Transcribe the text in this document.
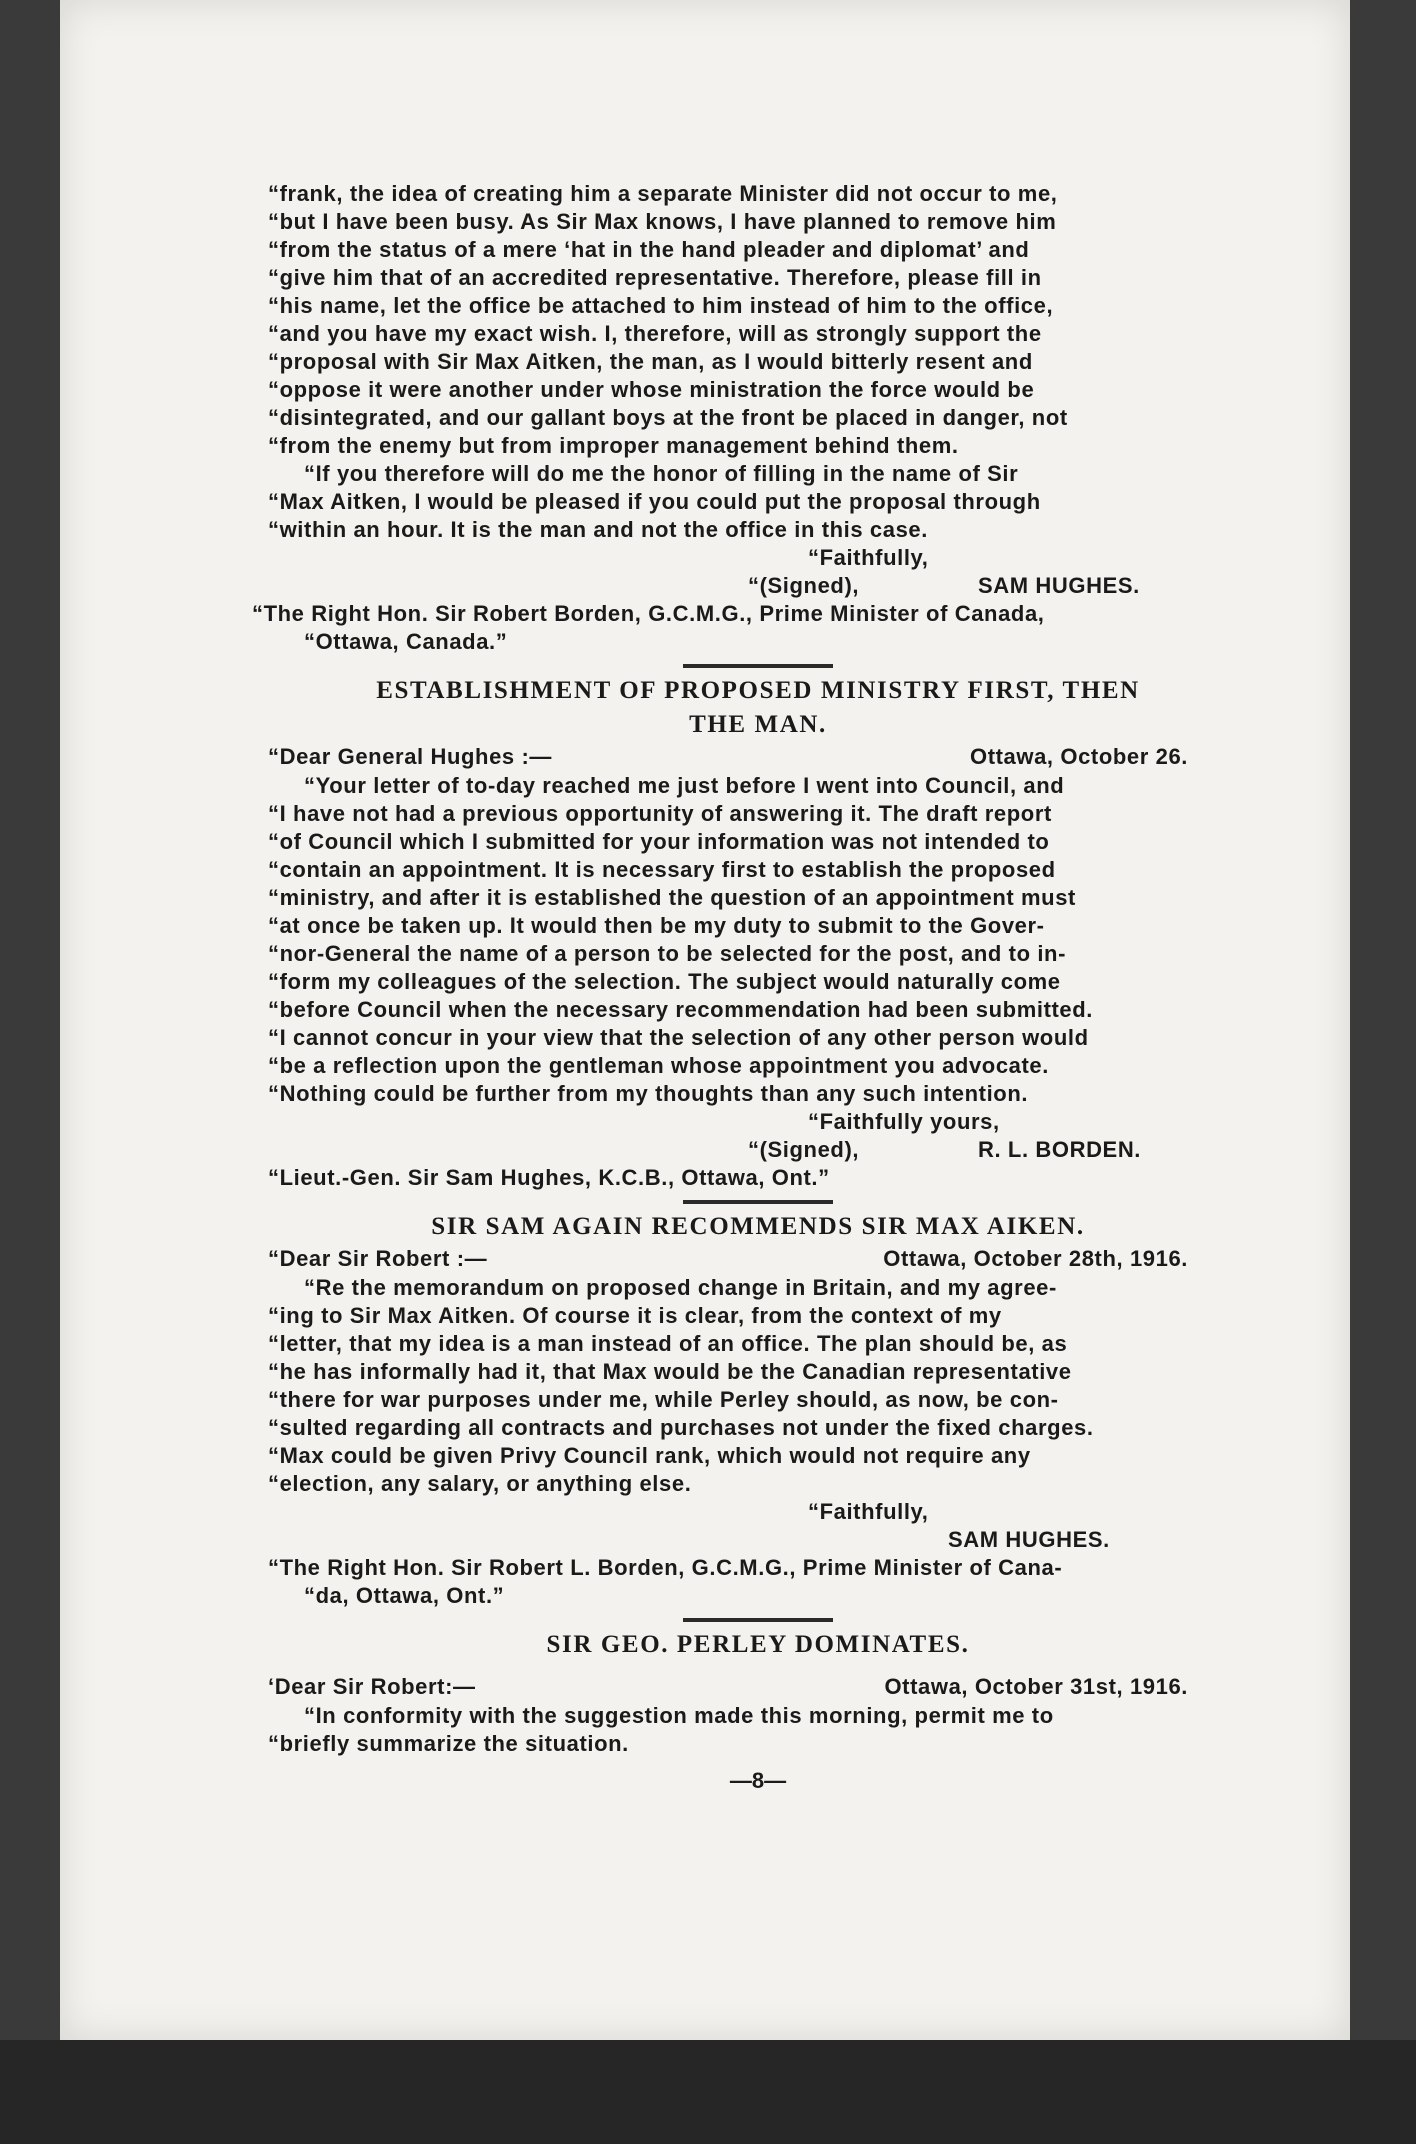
“frank, the idea of creating him a separate Minister did not occur to me,
“but I have been busy. As Sir Max knows, I have planned to remove him
“from the status of a mere ‘hat in the hand pleader and diplomat’ and
“give him that of an accredited representative. Therefore, please fill in
“his name, let the office be attached to him instead of him to the office,
“and you have my exact wish. I, therefore, will as strongly support the
“proposal with Sir Max Aitken, the man, as I would bitterly resent and
“oppose it were another under whose ministration the force would be
“disintegrated, and our gallant boys at the front be placed in danger, not
“from the enemy but from improper management behind them.
“If you therefore will do me the honor of filling in the name of Sir
“Max Aitken, I would be pleased if you could put the proposal through
“within an hour. It is the man and not the office in this case.
“Faithfully,
“(Signed),	SAM HUGHES.
“The Right Hon. Sir Robert Borden, G.C.M.G., Prime Minister of Canada,
“Ottawa, Canada.”
ESTABLISHMENT OF PROPOSED MINISTRY FIRST, THEN
THE MAN.
“Dear General Hughes :—	Ottawa, October 26.
“Your letter of to-day reached me just before I went into Council, and
“I have not had a previous opportunity of answering it. The draft report
“of Council which I submitted for your information was not intended to
“contain an appointment. It is necessary first to establish the proposed
“ministry, and after it is established the question of an appointment must
“at once be taken up. It would then be my duty to submit to the Gover-
“nor-General the name of a person to be selected for the post, and to in-
“form my colleagues of the selection. The subject would naturally come
“before Council when the necessary recommendation had been submitted.
“I cannot concur in your view that the selection of any other person would
“be a reflection upon the gentleman whose appointment you advocate.
“Nothing could be further from my thoughts than any such intention.
“Faithfully yours,
“(Signed),	R. L. BORDEN.
“Lieut.-Gen. Sir Sam Hughes, K.C.B., Ottawa, Ont.”
SIR SAM AGAIN RECOMMENDS SIR MAX AIKEN.
“Dear Sir Robert :—	Ottawa, October 28th, 1916.
“Re the memorandum on proposed change in Britain, and my agree-
“ing to Sir Max Aitken. Of course it is clear, from the context of my
“letter, that my idea is a man instead of an office. The plan should be, as
“he has informally had it, that Max would be the Canadian representative
“there for war purposes under me, while Perley should, as now, be con-
“sulted regarding all contracts and purchases not under the fixed charges.
“Max could be given Privy Council rank, which would not require any
“election, any salary, or anything else.
“Faithfully,
SAM HUGHES.
“The Right Hon. Sir Robert L. Borden, G.C.M.G., Prime Minister of Cana-
“da, Ottawa, Ont.”
SIR GEO. PERLEY DOMINATES.
‘Dear Sir Robert:—	Ottawa, October 31st, 1916.
“In conformity with the suggestion made this morning, permit me to
“briefly summarize the situation.
—8—
